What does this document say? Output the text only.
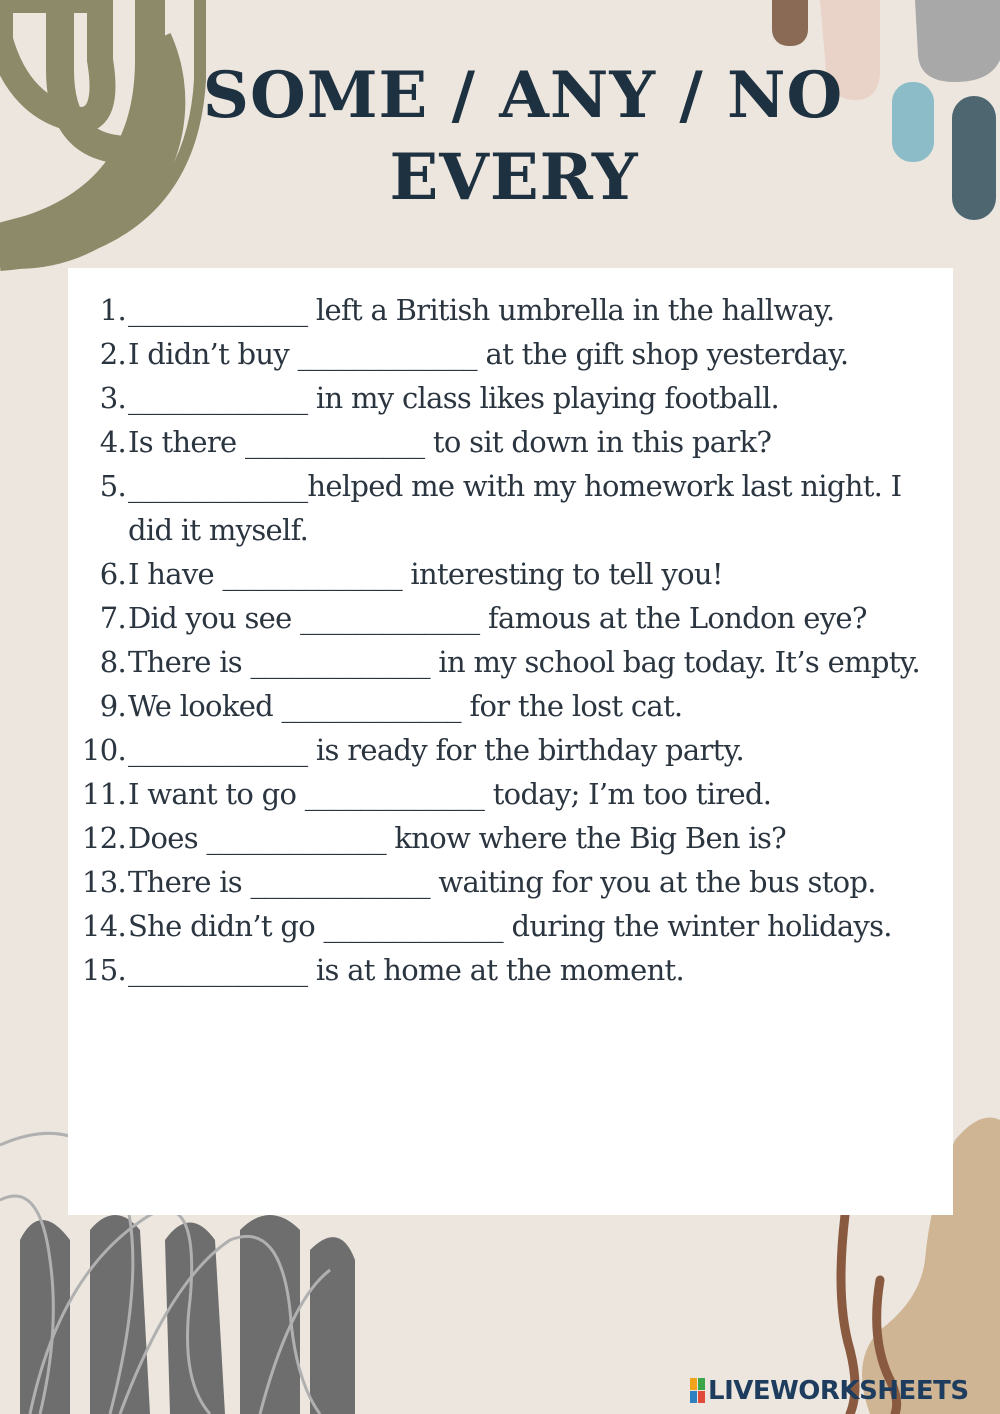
SOME / ANY / NO
EVERY
1. _____________ left a British umbrella in the hallway.
2. I didn’t buy _____________ at the gift shop yesterday.
3. _____________ in my class likes playing football.
4. Is there _____________ to sit down in this park?
5. _____________helped me with my homework last night. I did it myself.
6. I have _____________ interesting to tell you!
7. Did you see _____________ famous at the London eye?
8. There is _____________ in my school bag today. It’s empty.
9. We looked _____________ for the lost cat.
10. _____________ is ready for the birthday party.
11. I want to go _____________ today; I’m too tired.
12. Does _____________ know where the Big Ben is?
13. There is _____________ waiting for you at the bus stop.
14. She didn’t go _____________ during the winter holidays.
15. _____________ is at home at the moment.
LIVEWORKSHEETS
